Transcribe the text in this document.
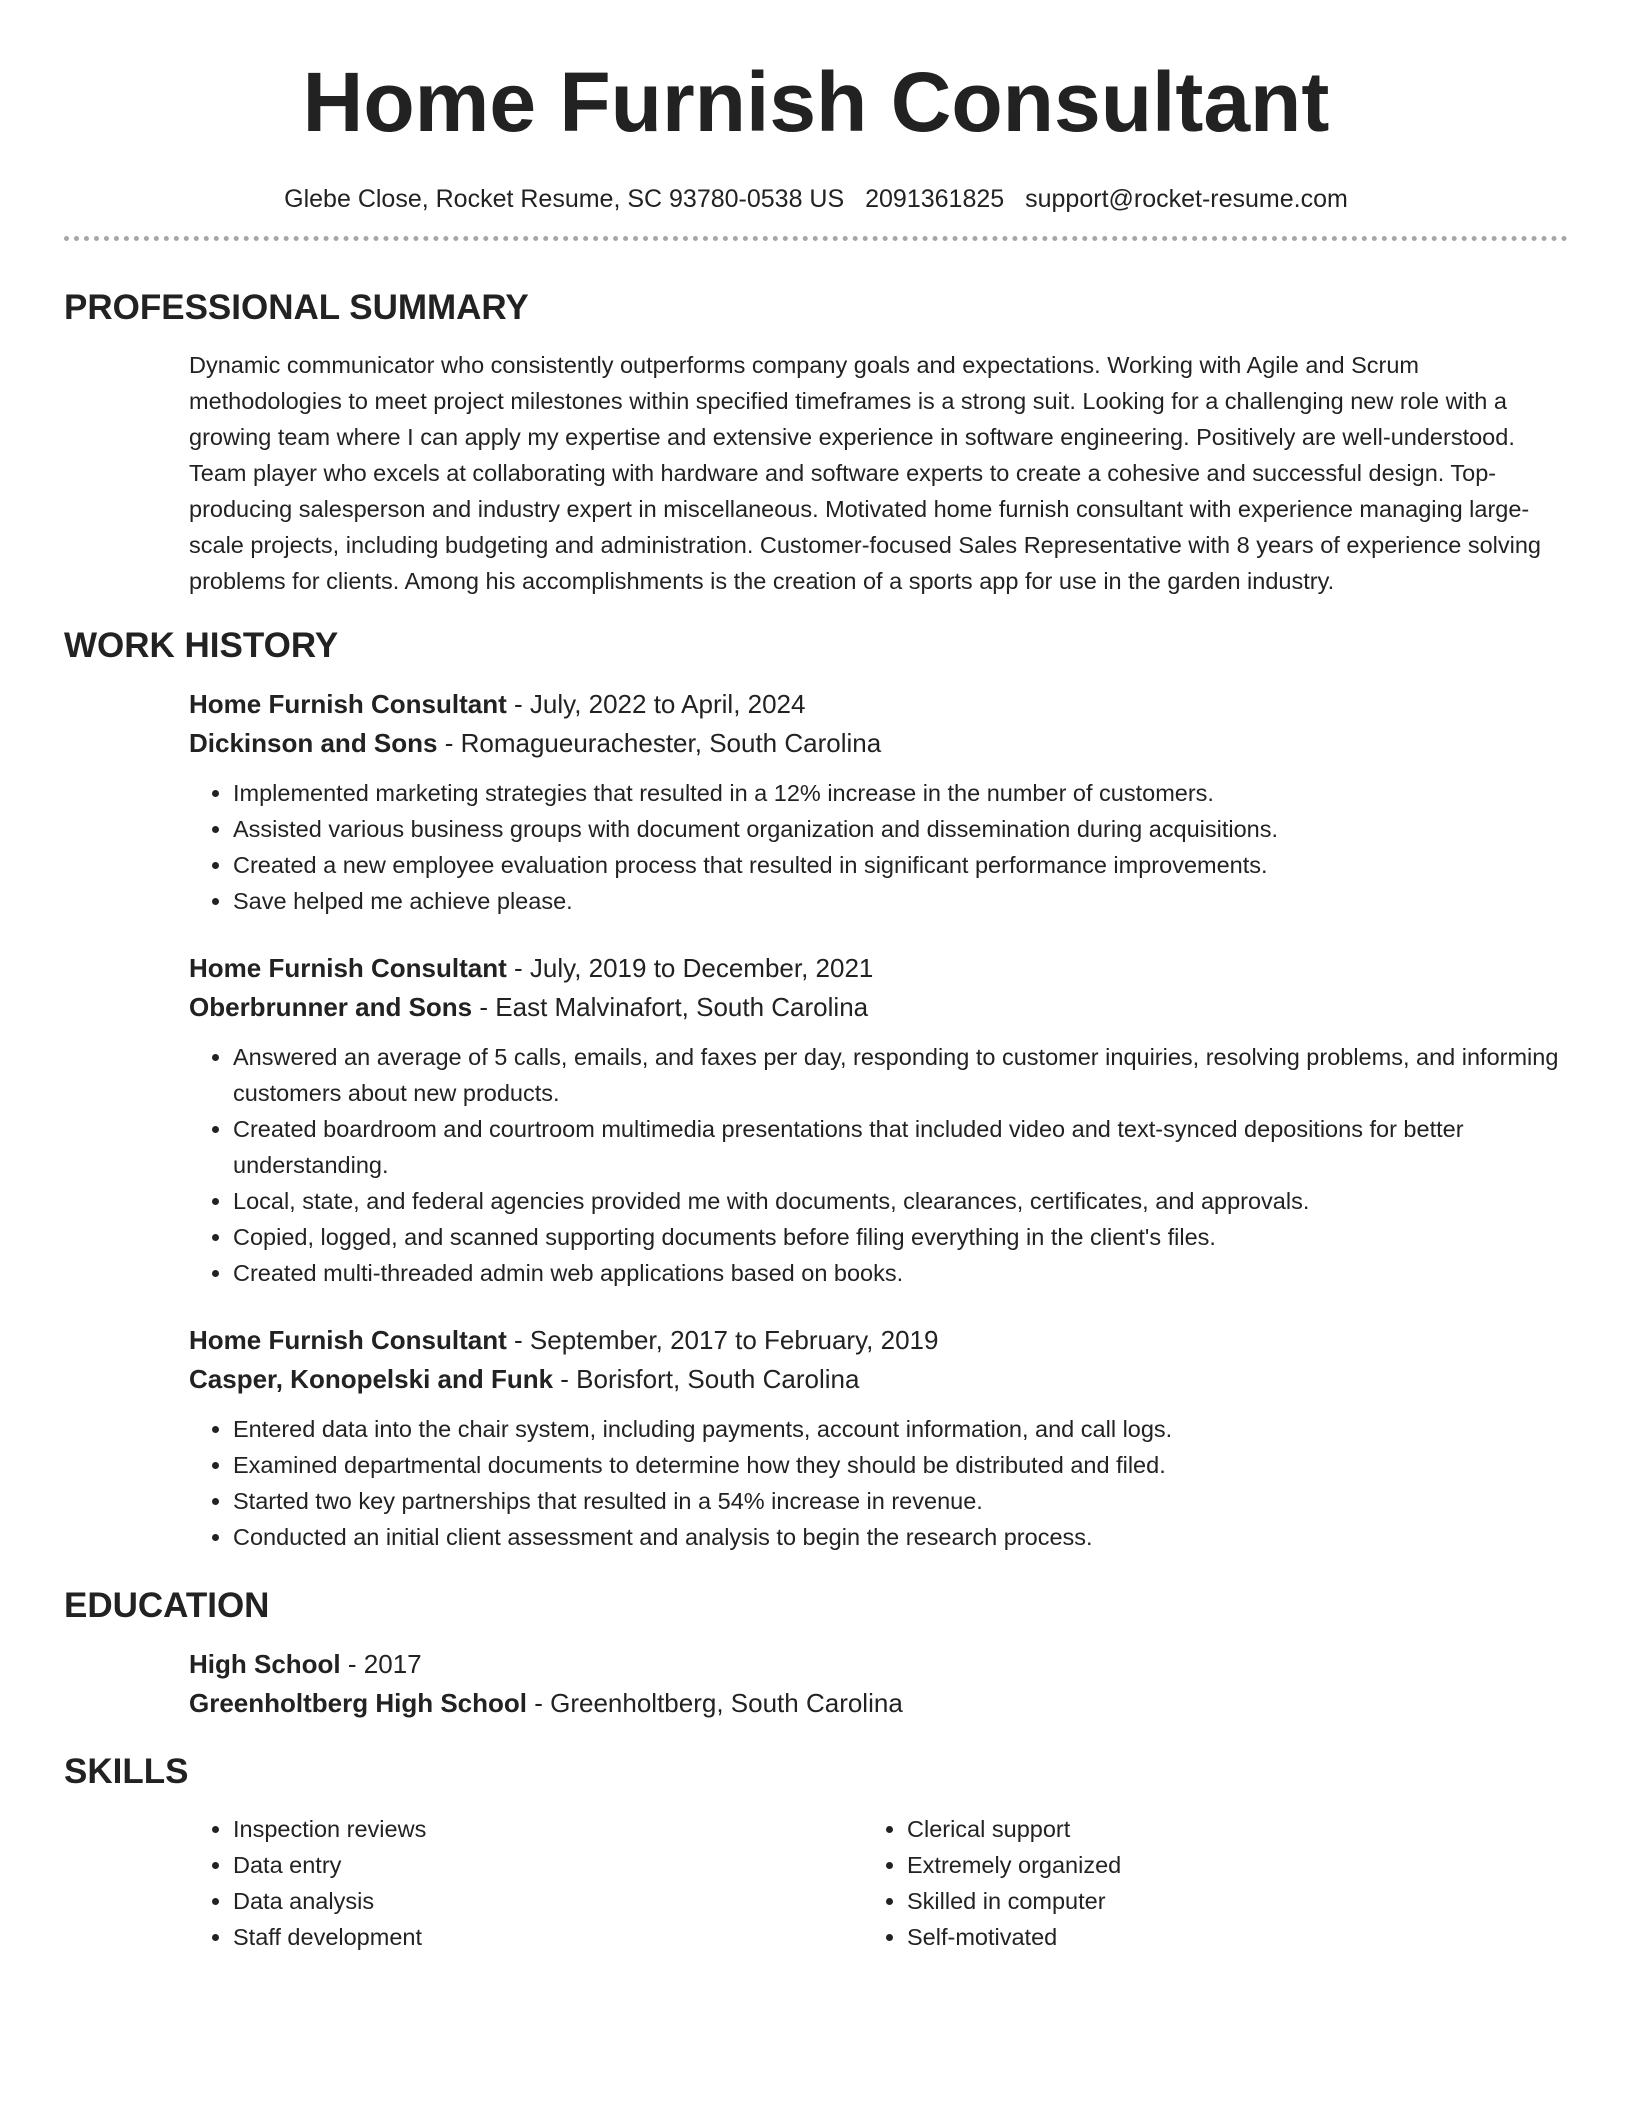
Home Furnish Consultant
Glebe Close, Rocket Resume, SC 93780-0538 US 2091361825 support@rocket-resume.com
PROFESSIONAL SUMMARY
Dynamic communicator who consistently outperforms company goals and expectations. Working with Agile and Scrum methodologies to meet project milestones within specified timeframes is a strong suit. Looking for a challenging new role with a growing team where I can apply my expertise and extensive experience in software engineering. Positively are well-understood. Team player who excels at collaborating with hardware and software experts to create a cohesive and successful design. Top-producing salesperson and industry expert in miscellaneous. Motivated home furnish consultant with experience managing large-scale projects, including budgeting and administration. Customer-focused Sales Representative with 8 years of experience solving problems for clients. Among his accomplishments is the creation of a sports app for use in the garden industry.
WORK HISTORY
Home Furnish Consultant - July, 2022 to April, 2024
Dickinson and Sons - Romagueurachester, South Carolina
• Implemented marketing strategies that resulted in a 12% increase in the number of customers.
• Assisted various business groups with document organization and dissemination during acquisitions.
• Created a new employee evaluation process that resulted in significant performance improvements.
• Save helped me achieve please.
Home Furnish Consultant - July, 2019 to December, 2021
Oberbrunner and Sons - East Malvinafort, South Carolina
• Answered an average of 5 calls, emails, and faxes per day, responding to customer inquiries, resolving problems, and informing customers about new products.
• Created boardroom and courtroom multimedia presentations that included video and text-synced depositions for better understanding.
• Local, state, and federal agencies provided me with documents, clearances, certificates, and approvals.
• Copied, logged, and scanned supporting documents before filing everything in the client's files.
• Created multi-threaded admin web applications based on books.
Home Furnish Consultant - September, 2017 to February, 2019
Casper, Konopelski and Funk - Borisfort, South Carolina
• Entered data into the chair system, including payments, account information, and call logs.
• Examined departmental documents to determine how they should be distributed and filed.
• Started two key partnerships that resulted in a 54% increase in revenue.
• Conducted an initial client assessment and analysis to begin the research process.
EDUCATION
High School - 2017
Greenholtberg High School - Greenholtberg, South Carolina
SKILLS
• Inspection reviews
• Data entry
• Data analysis
• Staff development
• Clerical support
• Extremely organized
• Skilled in computer
• Self-motivated
